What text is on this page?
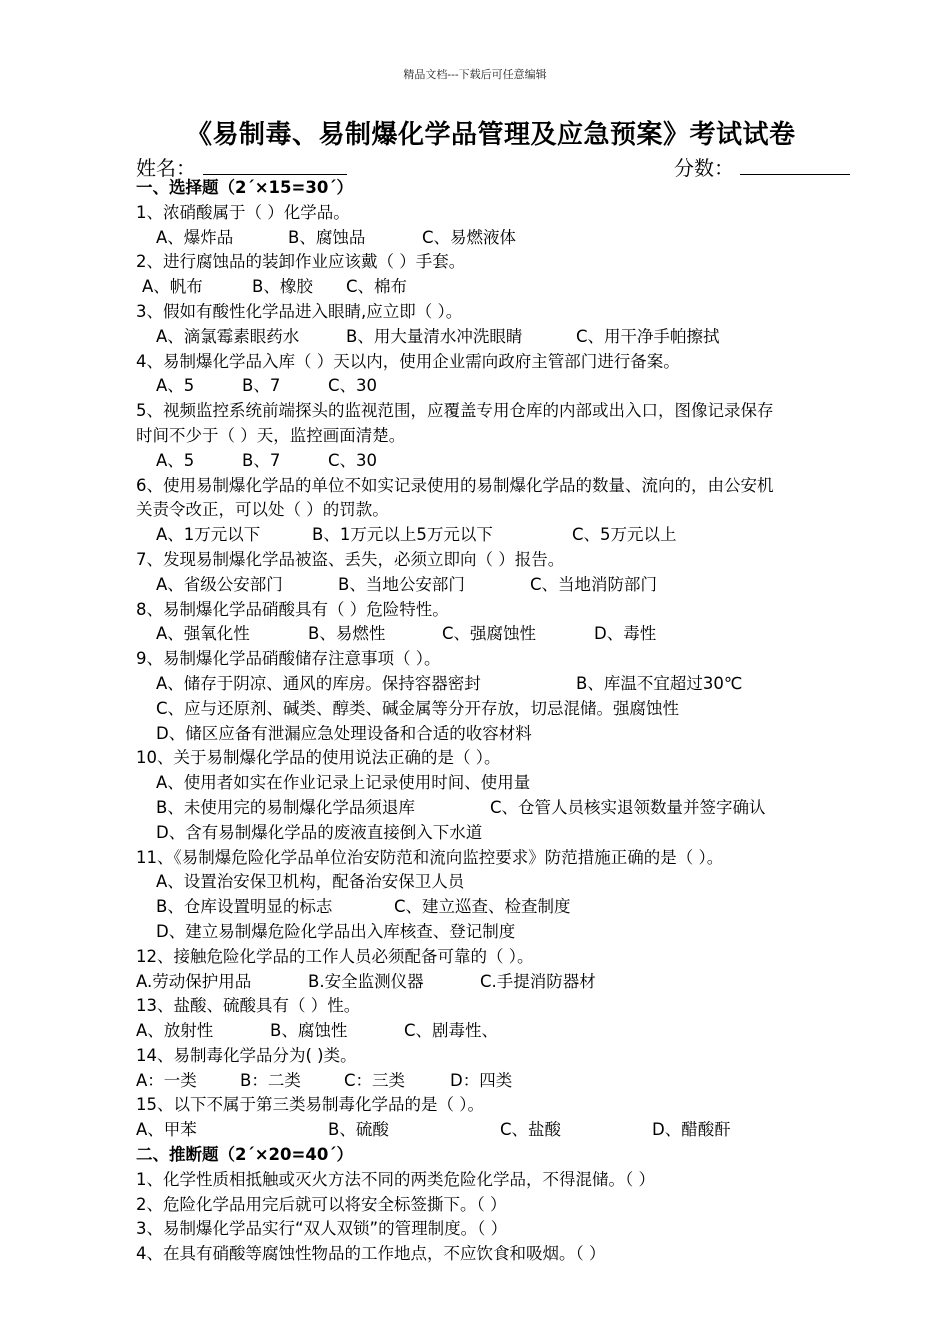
精品文档---下载后可任意编辑
《易制毒、易制爆化学品管理及应急预案》考试试卷
姓名：	分数：
一、选择题（2´×15=30´）
1、浓硝酸属于（ ）化学品。
A、爆炸品	B、腐蚀品	C、易燃液体
2、进行腐蚀品的装卸作业应该戴（ ）手套。
A、帆布	B、橡胶 C、棉布
3、假如有酸性化学品进入眼睛,应立即（ ）。
A、滴氯霉素眼药水	B、用大量清水冲洗眼睛	C、用干净手帕擦拭
4、易制爆化学品入库（ ）天以内，使用企业需向政府主管部门进行备案。
A、5	B、7	C、30
5、视频监控系统前端探头的监视范围，应覆盖专用仓库的内部或出入口，图像记录保存
时间不少于（ ）天，监控画面清楚。
A、5	B、7	C、30
6、使用易制爆化学品的单位不如实记录使用的易制爆化学品的数量、流向的，由公安机
关责令改正，可以处（ ）的罚款。
A、1万元以下	B、1万元以上5万元以下	C、5万元以上
7、发现易制爆化学品被盗、丢失，必须立即向（ ）报告。
A、省级公安部门	B、当地公安部门	C、当地消防部门
8、易制爆化学品硝酸具有（ ）危险特性。
A、强氧化性	B、易燃性	C、强腐蚀性	D、毒性
9、易制爆化学品硝酸储存注意事项（ ）。
A、储存于阴凉、通风的库房。保持容器密封	B、库温不宜超过30℃
C、应与还原剂、碱类、醇类、碱金属等分开存放，切忌混储。强腐蚀性
D、储区应备有泄漏应急处理设备和合适的收容材料
10、关于易制爆化学品的使用说法正确的是（ ）。
A、使用者如实在作业记录上记录使用时间、使用量
B、未使用完的易制爆化学品须退库	C、仓管人员核实退领数量并签字确认
D、含有易制爆化学品的废液直接倒入下水道
11、《易制爆危险化学品单位治安防范和流向监控要求》防范措施正确的是（ ）。
A、设置治安保卫机构，配备治安保卫人员
B、仓库设置明显的标志	C、建立巡查、检查制度
D、建立易制爆危险化学品出入库核查、登记制度
12、接触危险化学品的工作人员必须配备可靠的（ ）。
A.劳动保护用品	B.安全监测仪器	C.手提消防器材
13、盐酸、硫酸具有（ ）性。
A、放射性	B、腐蚀性	C、剧毒性、
14、易制毒化学品分为( )类。
A：一类	B：二类	C：三类	D：四类
15、以下不属于第三类易制毒化学品的是（ ）。
A、甲苯	B、硫酸	C、盐酸	D、醋酸酐
二、推断题（2´×20=40´）
1、化学性质相抵触或灭火方法不同的两类危险化学品，不得混储。（ ）
2、危险化学品用完后就可以将安全标签撕下。（ ）
3、易制爆化学品实行“双人双锁”的管理制度。（ ）
4、在具有硝酸等腐蚀性物品的工作地点，不应饮食和吸烟。（ ）
